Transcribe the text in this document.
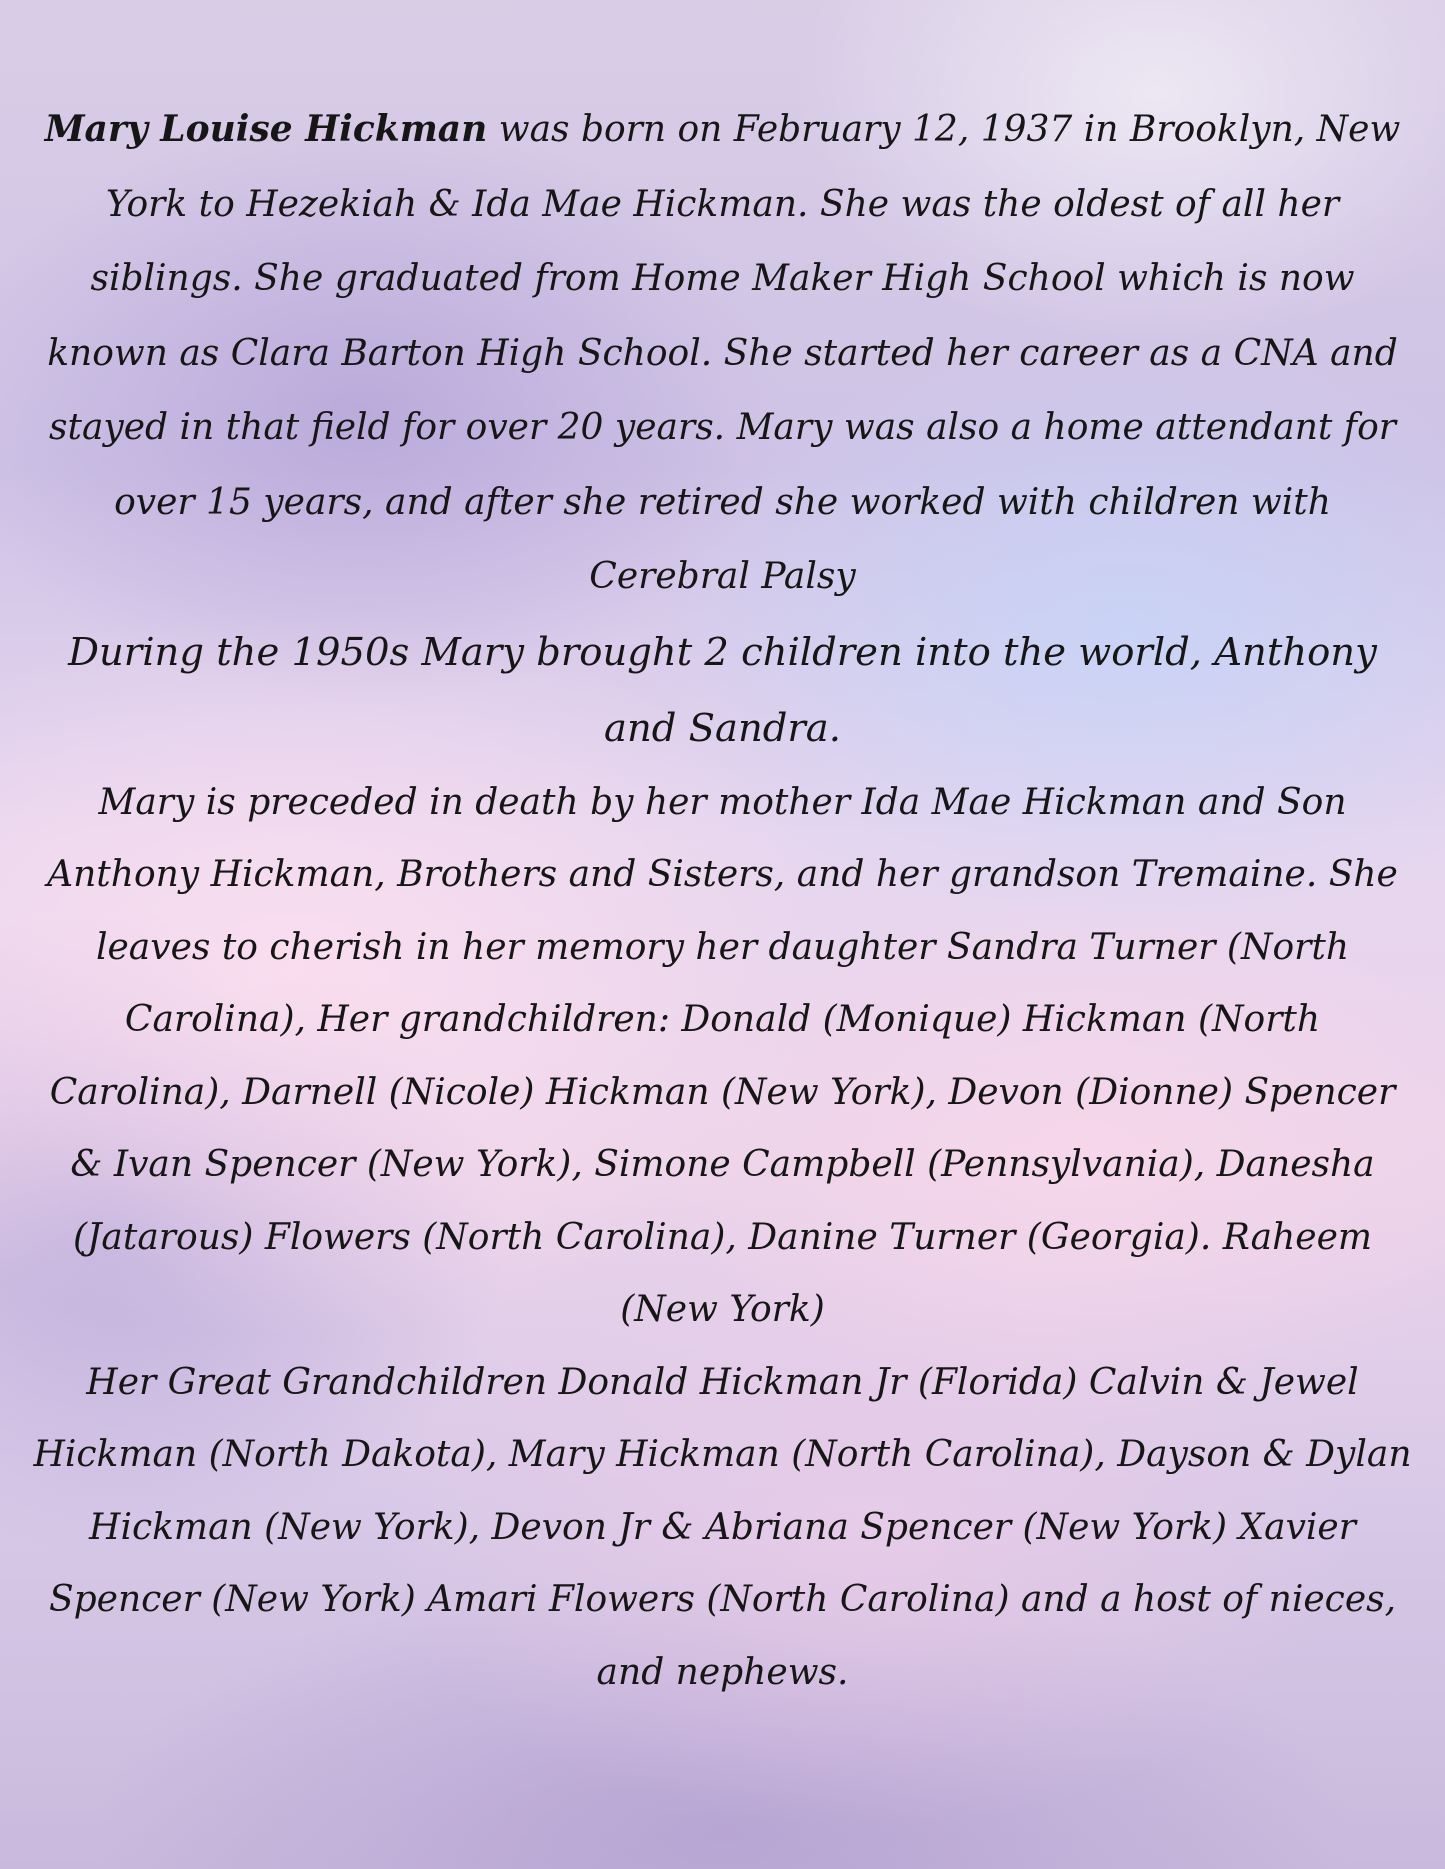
Mary Louise Hickman was born on February 12, 1937 in Brooklyn, New York to Hezekiah & Ida Mae Hickman. She was the oldest of all her siblings. She graduated from Home Maker High School which is now known as Clara Barton High School. She started her career as a CNA and stayed in that field for over 20 years. Mary was also a home attendant for over 15 years, and after she retired she worked with children with Cerebral Palsy

During the 1950s Mary brought 2 children into the world, Anthony and Sandra.

Mary is preceded in death by her mother Ida Mae Hickman and Son Anthony Hickman, Brothers and Sisters, and her grandson Tremaine. She leaves to cherish in her memory her daughter Sandra Turner (North Carolina), Her grandchildren: Donald (Monique) Hickman (North Carolina), Darnell (Nicole) Hickman (New York), Devon (Dionne) Spencer & Ivan Spencer (New York), Simone Campbell (Pennsylvania), Danesha (Jatarous) Flowers (North Carolina), Danine Turner (Georgia). Raheem (New York)

Her Great Grandchildren Donald Hickman Jr (Florida) Calvin & Jewel Hickman (North Dakota), Mary Hickman (North Carolina), Dayson & Dylan Hickman (New York), Devon Jr & Abriana Spencer (New York) Xavier Spencer (New York) Amari Flowers (North Carolina) and a host of nieces, and nephews.
